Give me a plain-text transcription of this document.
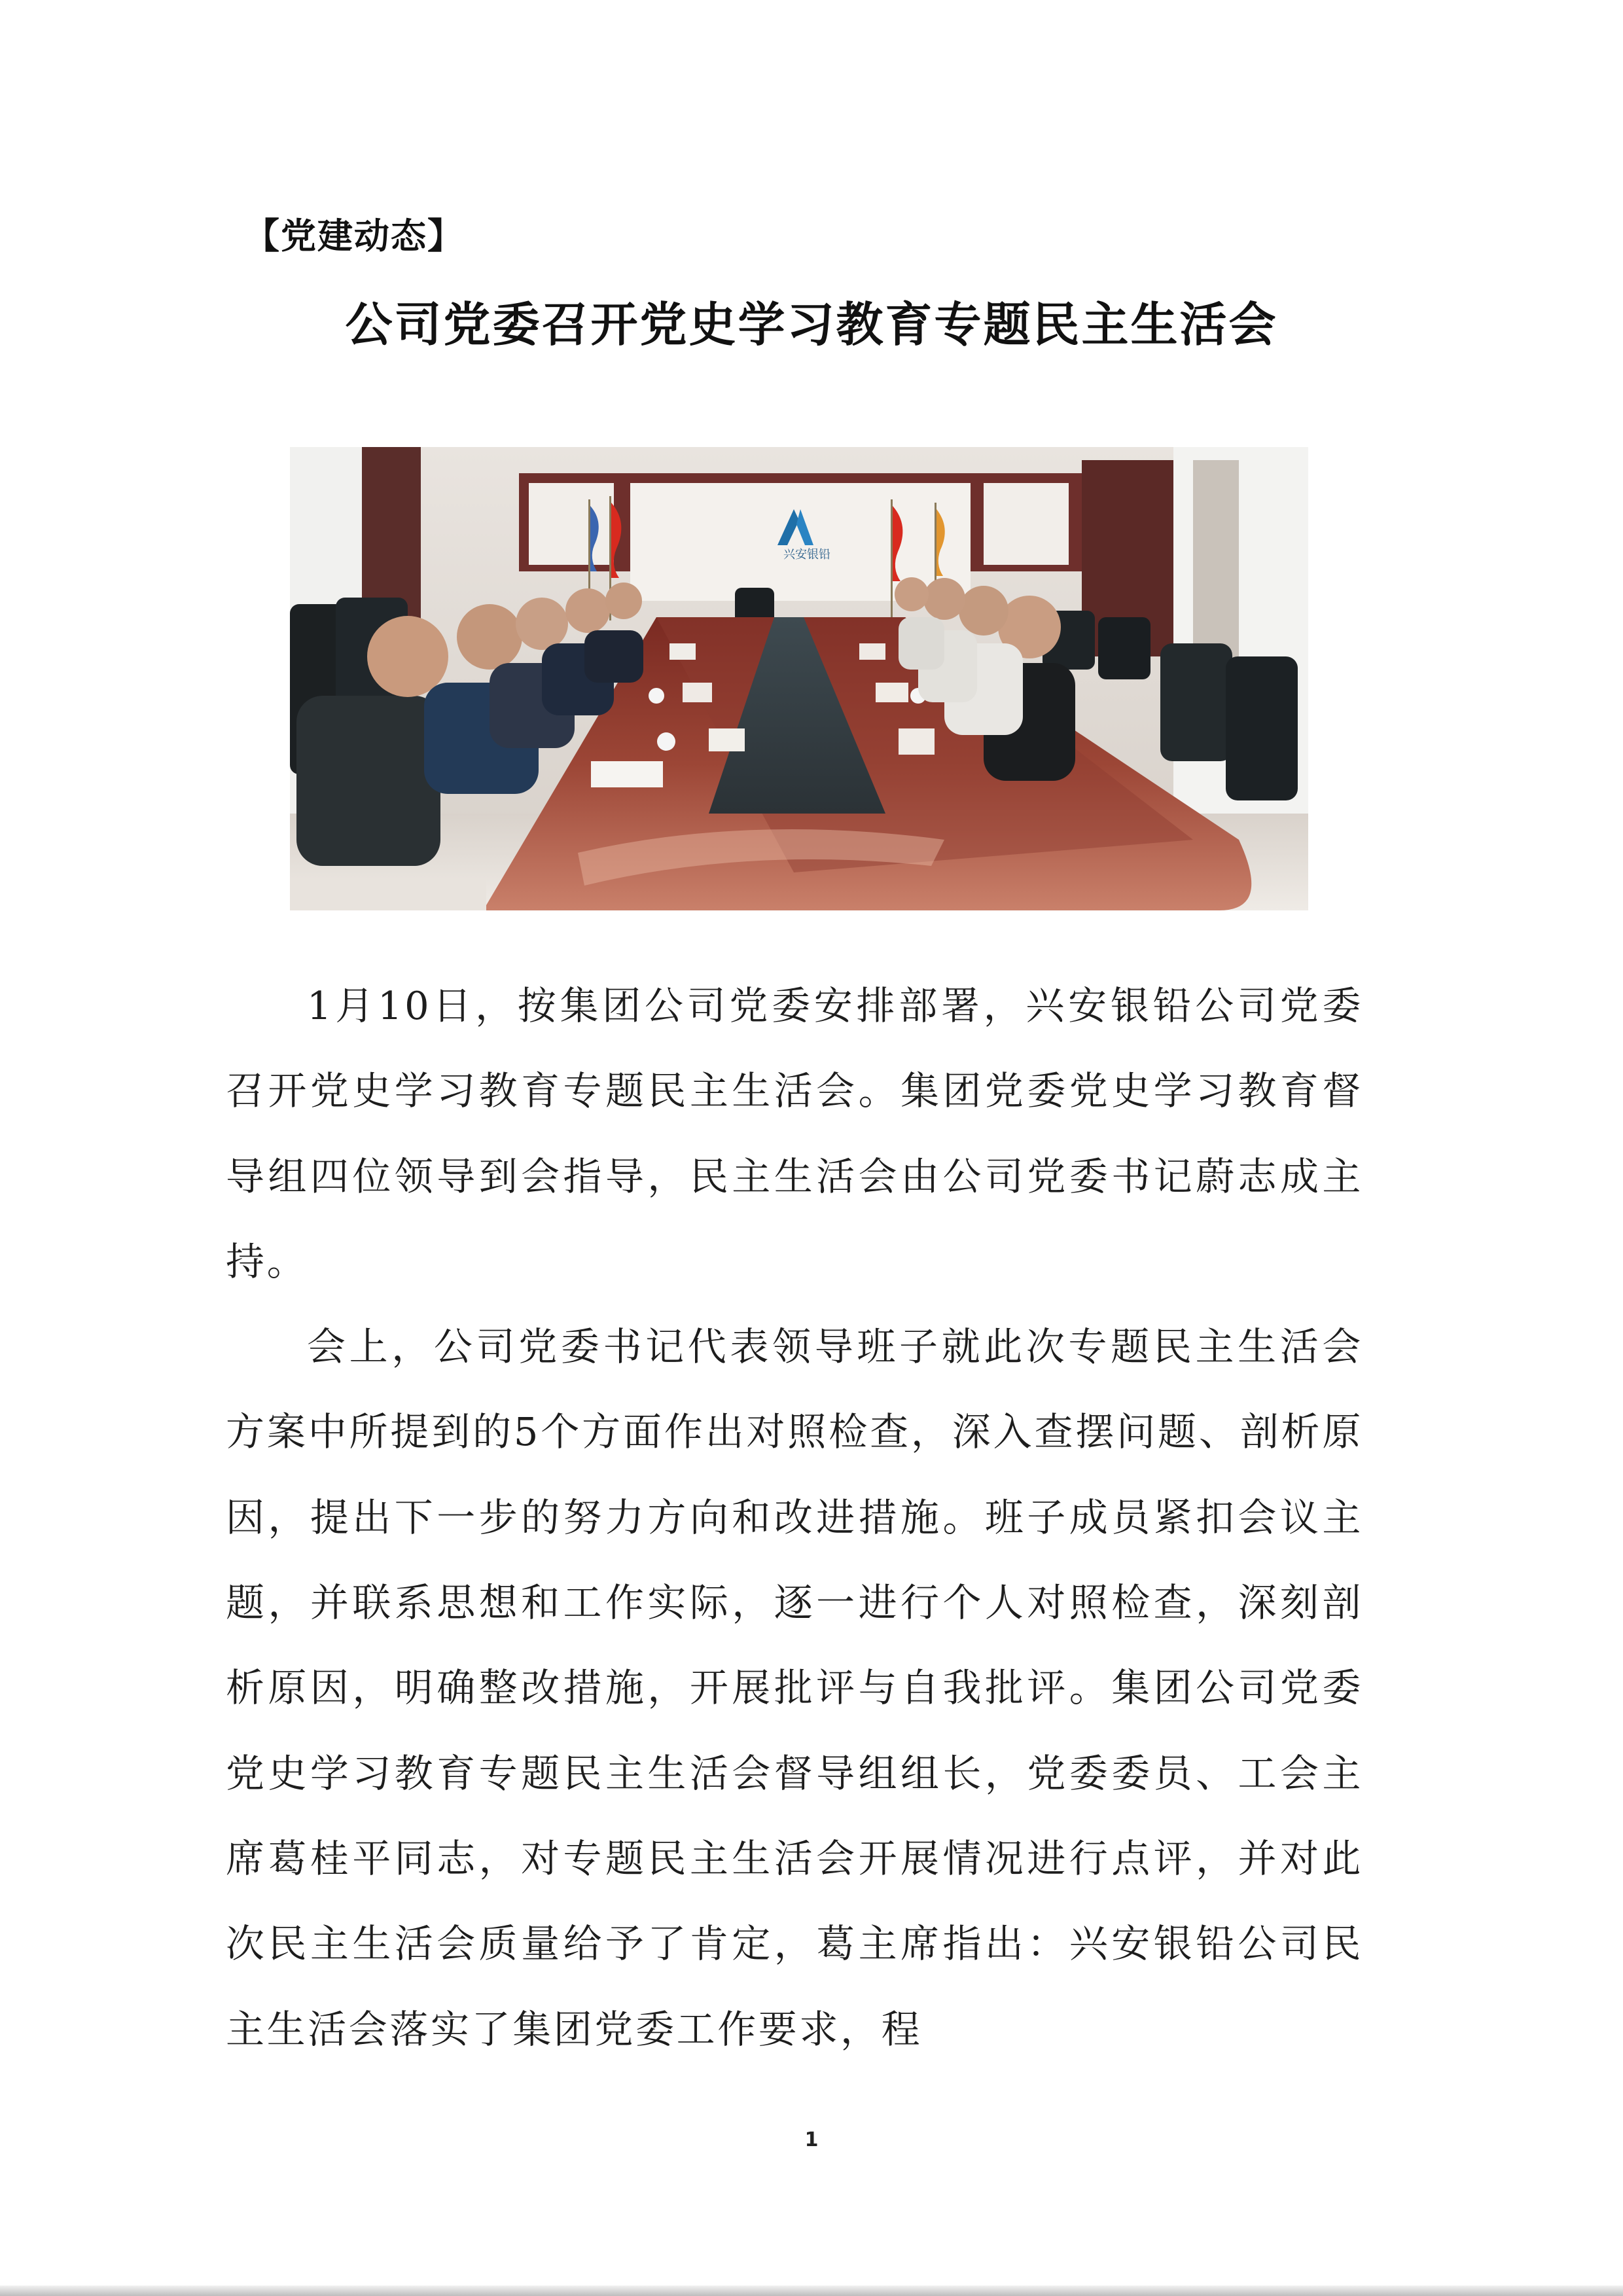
【党建动态】
公司党委召开党史学习教育专题民主生活会
兴安银铅

1月10日，按集团公司党委安排部署，兴安银铅公司党委召开党史学习教育专题民主生活会。集团党委党史学习教育督导组四位领导到会指导，民主生活会由公司党委书记蔚志成主持。

会上，公司党委书记代表领导班子就此次专题民主生活会方案中所提到的5个方面作出对照检查，深入查摆问题、剖析原因，提出下一步的努力方向和改进措施。班子成员紧扣会议主题，并联系思想和工作实际，逐一进行个人对照检查，深刻剖析原因，明确整改措施，开展批评与自我批评。集团公司党委党史学习教育专题民主生活会督导组组长，党委委员、工会主席葛桂平同志，对专题民主生活会开展情况进行点评，并对此次民主生活会质量给予了肯定，葛主席指出：兴安银铅公司民主生活会落实了集团党委工作要求，程

1
